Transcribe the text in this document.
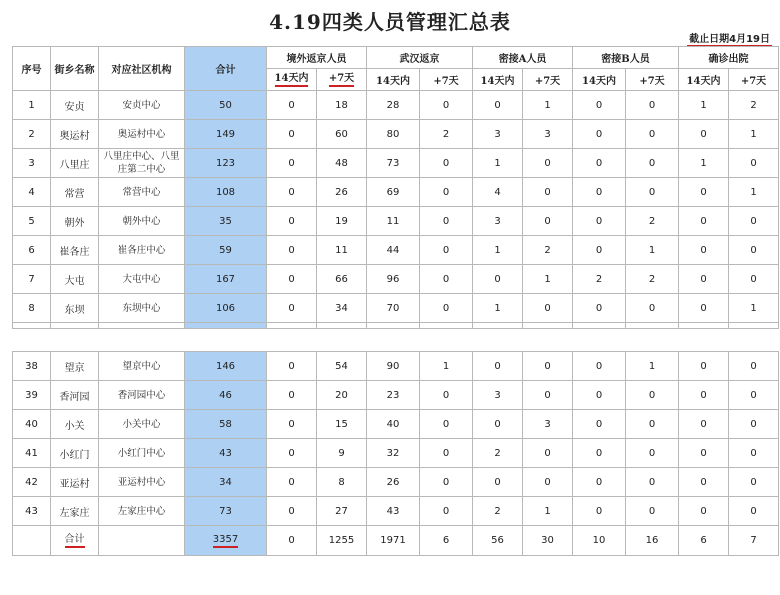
4.19四类人员管理汇总表
截止日期4月19日
序号	街乡名称	对应社区机构	合计	境外返京人员		武汉返京		密接A人员		密接B人员		确诊出院	
				14天内	+7天	14天内	+7天	14天内	+7天	14天内	+7天	14天内	+7天
1	安贞	安贞中心	50	0	18	28	0	0	1	0	0	1	2
2	奥运村	奥运村中心	149	0	60	80	2	3	3	0	0	0	1
3	八里庄	八里庄中心、八里庄第二中心	123	0	48	73	0	1	0	0	0	1	0
4	常营	常营中心	108	0	26	69	0	4	0	0	0	0	1
5	朝外	朝外中心	35	0	19	11	0	3	0	0	2	0	0
6	崔各庄	崔各庄中心	59	0	11	44	0	1	2	0	1	0	0
7	大屯	大屯中心	167	0	66	96	0	0	1	2	2	0	0
8	东坝	东坝中心	106	0	34	70	0	1	0	0	0	0	1

38	望京	望京中心	146	0	54	90	1	0	0	0	1	0	0
39	香河园	香河园中心	46	0	20	23	0	3	0	0	0	0	0
40	小关	小关中心	58	0	15	40	0	0	3	0	0	0	0
41	小红门	小红门中心	43	0	9	32	0	2	0	0	0	0	0
42	亚运村	亚运村中心	34	0	8	26	0	0	0	0	0	0	0
43	左家庄	左家庄中心	73	0	27	43	0	2	1	0	0	0	0
	合计		3357	0	1255	1971	6	56	30	10	16	6	7
